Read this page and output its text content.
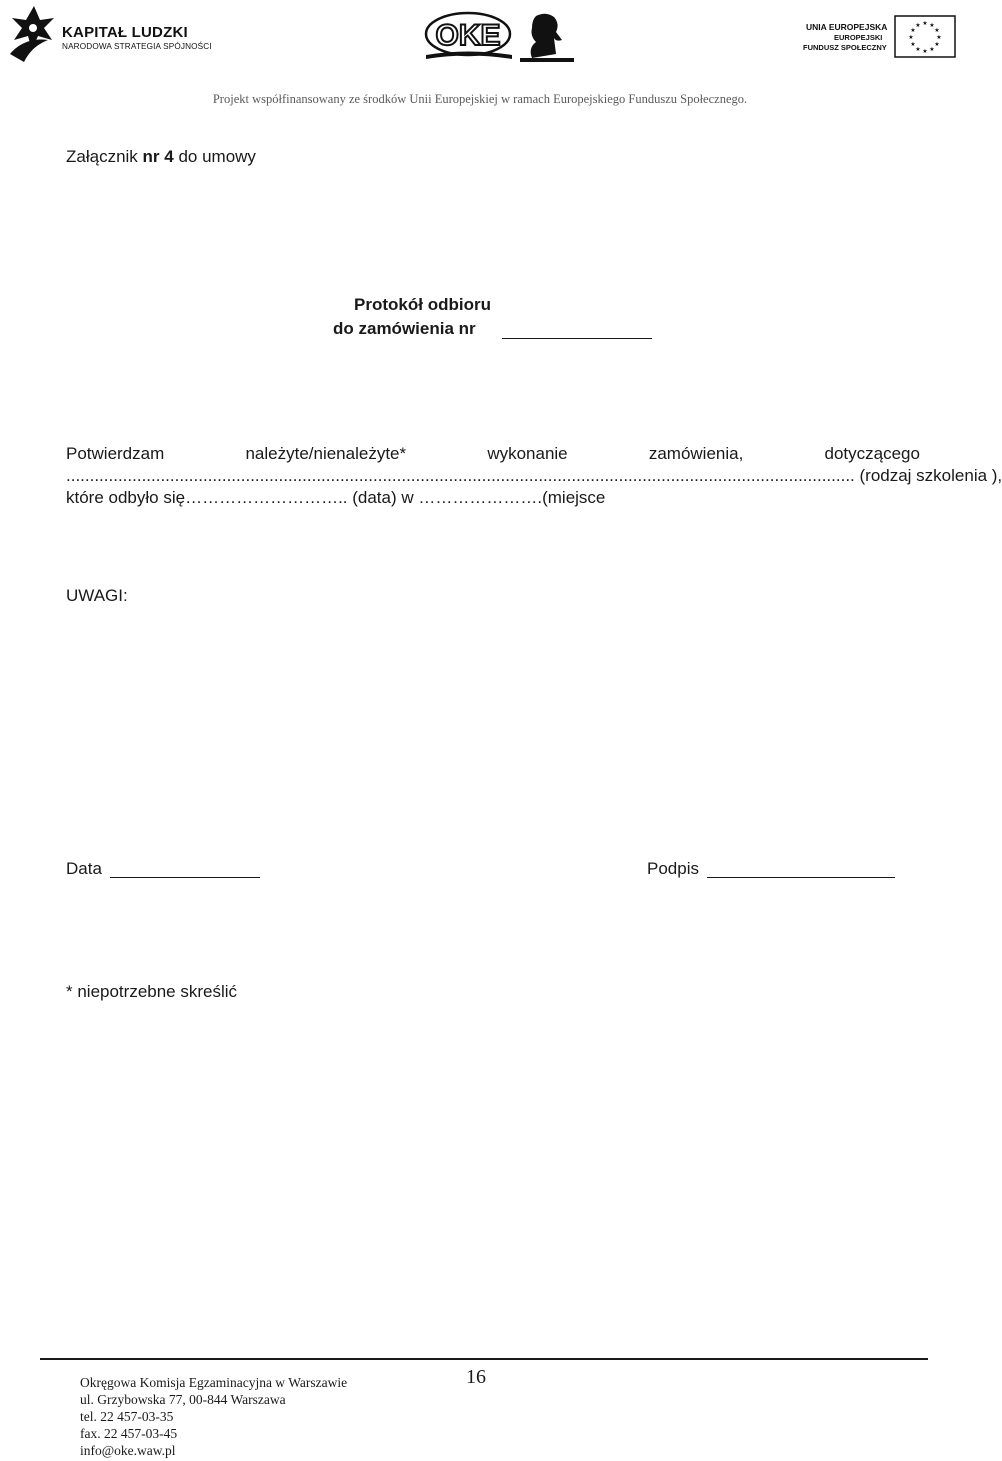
KAPITAŁ LUDZKI
NARODOWA STRATEGIA SPÓJNOŚCI	OKE	UNIA EUROPEJSKA
EUROPEJSKI
FUNDUSZ SPOŁECZNY
★ ★
★
★
★
★
★
★
★
★
★
★
Projekt współfinansowany ze środków Unii Europejskiej w ramach Europejskiego Funduszu Społecznego.
Załącznik nr 4 do umowy
Protokół odbioru
do zamówienia nr
Potwierdzam	należyte/nienależyte*	wykonanie	zamówienia,	dotyczącego
...................................................................................................................................................................... . (rodzaj szkolenia ),
które odbyło się……………………….. (data) w ………………….(miejsce
UWAGI:
Data	Podpis
* niepotrzebne skreślić
16
Okręgowa Komisja Egzaminacyjna w Warszawie
ul. Grzybowska 77, 00-844 Warszawa
tel. 22 457-03-35
fax. 22 457-03-45
info@oke.waw.pl
